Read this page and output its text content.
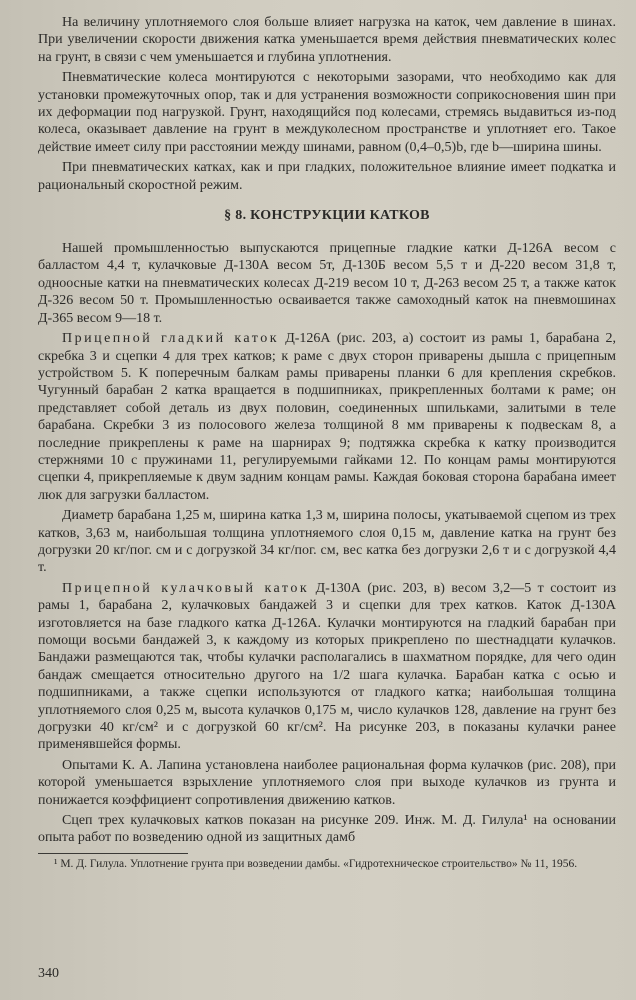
На величину уплотняемого слоя больше влияет нагрузка на каток, чем давление в шинах. При увеличении скорости движения катка уменьшается время действия пневматических колес на грунт, в связи с чем уменьшается и глубина уплотнения.

Пневматические колеса монтируются с некоторыми зазорами, что необходимо как для установки промежуточных опор, так и для устранения возможности соприкосновения шин при их деформации под нагрузкой. Грунт, находящийся под колесами, стремясь выдавиться из-под колеса, оказывает давление на грунт в междуколесном пространстве и уплотняет его. Такое действие имеет силу при расстоянии между шинами, равном (0,4–0,5)b, где b—ширина шины.

При пневматических катках, как и при гладких, положительное влияние имеет подкатка и рациональный скоростной режим.

§ 8. КОНСТРУКЦИИ КАТКОВ

Нашей промышленностью выпускаются прицепные гладкие катки Д-126А весом с балластом 4,4 т, кулачковые Д-130А весом 5т, Д-130Б весом 5,5 т и Д-220 весом 31,8 т, одноосные катки на пневматических колесах Д-219 весом 10 т, Д-263 весом 25 т, а также каток Д-326 весом 50 т. Промышленностью осваивается также самоходный каток на пневмошинах Д-365 весом 9—18 т.

Прицепной гладкий каток Д-126А (рис. 203, а) состоит из рамы 1, барабана 2, скребка 3 и сцепки 4 для трех катков; к раме с двух сторон приварены дышла с прицепным устройством 5. К поперечным балкам рамы приварены планки 6 для крепления скребков. Чугунный барабан 2 катка вращается в подшипниках, прикрепленных болтами к раме; он представляет собой деталь из двух половин, соединенных шпильками, залитыми в теле барабана. Скребки 3 из полосового железа толщиной 8 мм приварены к подвескам 8, а последние прикреплены к раме на шарнирах 9; подтяжка скребка к катку производится стержнями 10 с пружинами 11, регулируемыми гайками 12. По концам рамы монтируются сцепки 4, прикрепляемые к двум задним концам рамы. Каждая боковая сторона барабана имеет люк для загрузки балластом.

Диаметр барабана 1,25 м, ширина катка 1,3 м, ширина полосы, укатываемой сцепом из трех катков, 3,63 м, наибольшая толщина уплотняемого слоя 0,15 м, давление катка на грунт без догрузки 20 кг/пог. см и с догрузкой 34 кг/пог. см, вес катка без догрузки 2,6 т и с догрузкой 4,4 т.

Прицепной кулачковый каток Д-130А (рис. 203, в) весом 3,2—5 т состоит из рамы 1, барабана 2, кулачковых бандажей 3 и сцепки для трех катков. Каток Д-130А изготовляется на базе гладкого катка Д-126А. Кулачки монтируются на гладкий барабан при помощи восьми бандажей 3, к каждому из которых прикреплено по шестнадцати кулачков. Бандажи размещаются так, чтобы кулачки располагались в шахматном порядке, для чего один бандаж смещается относительно другого на 1/2 шага кулачка. Барабан катка с осью и подшипниками, а также сцепки используются от гладкого катка; наибольшая толщина уплотняемого слоя 0,25 м, высота кулачков 0,175 м, число кулачков 128, давление на грунт без догрузки 40 кг/см² и с догрузкой 60 кг/см². На рисунке 203, в показаны кулачки ранее применявшейся формы.

Опытами К. А. Лапина установлена наиболее рациональная форма кулачков (рис. 208), при которой уменьшается взрыхление уплотняемого слоя при выходе кулачков из грунта и понижается коэффициент сопротивления движению катков.

Сцеп трех кулачковых катков показан на рисунке 209. Инж. М. Д. Гилула¹ на основании опыта работ по возведению одной из защитных дамб

¹ М. Д. Гилула. Уплотнение грунта при возведении дамбы. «Гидротехническое строительство» № 11, 1956.

340
